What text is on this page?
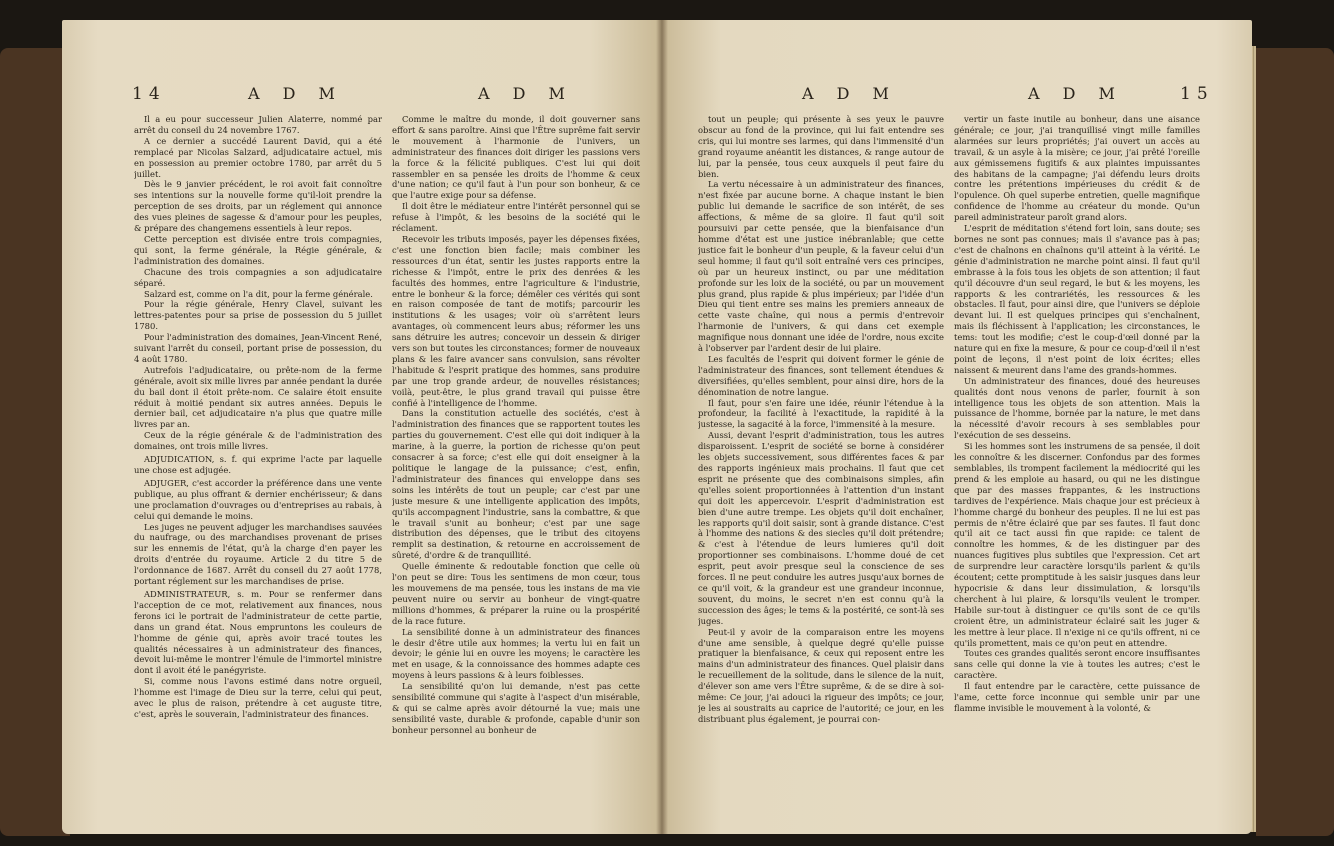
14	A D M	A D M

Il a eu pour successeur Julien Alaterre, nommé par arrêt du conseil du 24 novembre 1767.

A ce dernier a succédé Laurent David, qui a été remplacé par Nicolas Salzard, adjudicataire actuel, mis en possession au premier octobre 1780, par arrêt du 5 juillet.

Dès le 9 janvier précédent, le roi avoit fait connoître ses intentions sur la nouvelle forme qu'il-loit prendre la perception de ses droits, par un réglement qui annonce des vues pleines de sagesse & d'amour pour les peuples, & prépare des changemens essentiels à leur repos.

Cette perception est divisée entre trois compagnies, qui sont, la ferme générale, la Régie générale, & l'administration des domaines.

Chacune des trois compagnies a son adjudicataire séparé.

Salzard est, comme on l'a dit, pour la ferme générale.

Pour la régie générale, Henry Clavel, suivant les lettres-patentes pour sa prise de possession du 5 juillet 1780.

Pour l'administration des domaines, Jean-Vincent René, suivant l'arrêt du conseil, portant prise de possession, du 4 août 1780.

Autrefois l'adjudicataire, ou prête-nom de la ferme générale, avoit six mille livres par année pendant la durée du bail dont il étoit prête-nom. Ce salaire étoit ensuite réduit à moitié pendant six autres années. Depuis le dernier bail, cet adjudicataire n'a plus que quatre mille livres par an.

Ceux de la régie générale & de l'administration des domaines, ont trois mille livres.

ADJUDICATION, s. f. qui exprime l'acte par laquelle une chose est adjugée.

ADJUGER, c'est accorder la préférence dans une vente publique, au plus offrant & dernier enchérisseur; & dans une proclamation d'ouvrages ou d'entreprises au rabais, à celui qui demande le moins.

Les juges ne peuvent adjuger les marchandises sauvées du naufrage, ou des marchandises provenant de prises sur les ennemis de l'état, qu'à la charge d'en payer les droits d'entrée du royaume. Article 2 du titre 5 de l'ordonnance de 1687. Arrêt du conseil du 27 août 1778, portant réglement sur les marchandises de prise.

ADMINISTRATEUR, s. m. Pour se renfermer dans l'acception de ce mot, relativement aux finances, nous ferons ici le portrait de l'administrateur de cette partie, dans un grand état. Nous empruntons les couleurs de l'homme de génie qui, après avoir tracé toutes les qualités nécessaires à un administrateur des finances, devoit lui-même le montrer l'émule de l'immortel ministre dont il avoit été le panégyriste.

Si, comme nous l'avons estimé dans notre orgueil, l'homme est l'image de Dieu sur la terre, celui qui peut, avec le plus de raison, prétendre à cet auguste titre, c'est, après le souverain, l'administrateur des finances.

Comme le maître du monde, il doit gouverner sans effort & sans paroître. Ainsi que l'Être suprême fait servir le mouvement à l'harmonie de l'univers, un administrateur des finances doit diriger les passions vers la force & la félicité publiques. C'est lui qui doit rassembler en sa pensée les droits de l'homme & ceux d'une nation; ce qu'il faut à l'un pour son bonheur, & ce que l'autre exige pour sa défense.

Il doit être le médiateur entre l'intérêt personnel qui se refuse à l'impôt, & les besoins de la société qui le réclament.

Recevoir les tributs imposés, payer les dépenses fixées, c'est une fonction bien facile; mais combiner les ressources d'un état, sentir les justes rapports entre la richesse & l'impôt, entre le prix des denrées & les facultés des hommes, entre l'agriculture & l'industrie, entre le bonheur & la force; démêler ces vérités qui sont en raison composée de tant de motifs; parcourir les institutions & les usages; voir où s'arrêtent leurs avantages, où commencent leurs abus; réformer les uns sans détruire les autres; concevoir un dessein & diriger vers son but toutes les circonstances; former de nouveaux plans & les faire avancer sans convulsion, sans révolter l'habitude & l'esprit pratique des hommes, sans produire par une trop grande ardeur, de nouvelles résistances; voilà, peut-être, le plus grand travail qui puisse être confié à l'intelligence de l'homme.

Dans la constitution actuelle des sociétés, c'est à l'administration des finances que se rapportent toutes les parties du gouvernement. C'est elle qui doit indiquer à la marine, à la guerre, la portion de richesse qu'on peut consacrer à sa force; c'est elle qui doit enseigner à la politique le langage de la puissance; c'est, enfin, l'administrateur des finances qui enveloppe dans ses soins les intérêts de tout un peuple; car c'est par une juste mesure & une intelligente application des impôts, qu'ils accompagnent l'industrie, sans la combattre, & que le travail s'unit au bonheur; c'est par une sage distribution des dépenses, que le tribut des citoyens remplit sa destination, & retourne en accroissement de sûreté, d'ordre & de tranquillité.

Quelle éminente & redoutable fonction que celle où l'on peut se dire: Tous les sentimens de mon cœur, tous les mouvemens de ma pensée, tous les instans de ma vie peuvent nuire ou servir au bonheur de vingt-quatre millions d'hommes, & préparer la ruine ou la prospérité de la race future.

La sensibilité donne à un administrateur des finances le desir d'être utile aux hommes; la vertu lui en fait un devoir; le génie lui en ouvre les moyens; le caractère les met en usage, & la connoissance des hommes adapte ces moyens à leurs passions & à leurs foiblesses.

La sensibilité qu'on lui demande, n'est pas cette sensibilité commune qui s'agite à l'aspect d'un misérable, & qui se calme après avoir détourné la vue; mais une sensibilité vaste, durable & profonde, capable d'unir son bonheur personnel au bonheur de

A D M	A D M	15

tout un peuple; qui présente à ses yeux le pauvre obscur au fond de la province, qui lui fait entendre ses cris, qui lui montre ses larmes, qui dans l'immensité d'un grand royaume anéantit les distances, & range autour de lui, par la pensée, tous ceux auxquels il peut faire du bien.

La vertu nécessaire à un administrateur des finances, n'est fixée par aucune borne. A chaque instant le bien public lui demande le sacrifice de son intérêt, de ses affections, & même de sa gloire. Il faut qu'il soit poursuivi par cette pensée, que la bienfaisance d'un homme d'état est une justice inébranlable; que cette justice fait le bonheur d'un peuple, & la faveur celui d'un seul homme; il faut qu'il soit entraîné vers ces principes, où par un heureux instinct, ou par une méditation profonde sur les loix de la société, ou par un mouvement plus grand, plus rapide & plus impérieux; par l'idée d'un Dieu qui tient entre ses mains les premiers anneaux de cette vaste chaîne, qui nous a permis d'entrevoir l'harmonie de l'univers, & qui dans cet exemple magnifique nous donnant une idée de l'ordre, nous excite à l'observer par l'ardent desir de lui plaire.

Les facultés de l'esprit qui doivent former le génie de l'administrateur des finances, sont tellement étendues & diversifiées, qu'elles semblent, pour ainsi dire, hors de la dénomination de notre langue.

Il faut, pour s'en faire une idée, réunir l'étendue à la profondeur, la facilité à l'exactitude, la rapidité à la justesse, la sagacité à la force, l'immensité à la mesure.

Aussi, devant l'esprit d'administration, tous les autres disparoissent. L'esprit de société se borne à considérer les objets successivement, sous différentes faces & par des rapports ingénieux mais prochains. Il faut que cet esprit ne présente que des combinaisons simples, afin qu'elles soient proportionnées à l'attention d'un instant qui doit les appercevoir. L'esprit d'administration est bien d'une autre trempe. Les objets qu'il doit enchaîner, les rapports qu'il doit saisir, sont à grande distance. C'est à l'homme des nations & des siecles qu'il doit prétendre; & c'est à l'étendue de leurs lumieres qu'il doit proportionner ses combinaisons. L'homme doué de cet esprit, peut avoir presque seul la conscience de ses forces. Il ne peut conduire les autres jusqu'aux bornes de ce qu'il voit, & la grandeur est une grandeur inconnue, souvent, du moins, le secret n'en est connu qu'à la succession des âges; le tems & la postérité, ce sont-là ses juges.

Peut-il y avoir de la comparaison entre les moyens d'une ame sensible, à quelque degré qu'elle puisse pratiquer la bienfaisance, & ceux qui reposent entre les mains d'un administrateur des finances. Quel plaisir dans le recueillement de la solitude, dans le silence de la nuit, d'élever son ame vers l'Être suprême, & de se dire à soi-même: Ce jour, j'ai adouci la rigueur des impôts; ce jour, je les ai soustraits au caprice de l'autorité; ce jour, en les distribuant plus également, je pourrai con-

vertir un faste inutile au bonheur, dans une aisance générale; ce jour, j'ai tranquillisé vingt mille familles alarmées sur leurs propriétés; j'ai ouvert un accès au travail, & un asyle à la misère; ce jour, j'ai prêté l'oreille aux gémissemens fugitifs & aux plaintes impuissantes des habitans de la campagne; j'ai défendu leurs droits contre les prétentions impérieuses du crédit & de l'opulence. Oh quel superbe entretien, quelle magnifique confidence de l'homme au créateur du monde. Qu'un pareil administrateur paroît grand alors.

L'esprit de méditation s'étend fort loin, sans doute; ses bornes ne sont pas connues; mais il s'avance pas à pas; c'est de chaînons en chaînons qu'il atteint à la vérité. Le génie d'administration ne marche point ainsi. Il faut qu'il embrasse à la fois tous les objets de son attention; il faut qu'il découvre d'un seul regard, le but & les moyens, les rapports & les contrariétés, les ressources & les obstacles. Il faut, pour ainsi dire, que l'univers se déploie devant lui. Il est quelques principes qui s'enchaînent, mais ils fléchissent à l'application; les circonstances, le tems: tout les modifie; c'est le coup-d'œil donné par la nature qui en fixe la mesure, & pour ce coup-d'œil il n'est point de leçons, il n'est point de loix écrites; elles naissent & meurent dans l'ame des grands-hommes.

Un administrateur des finances, doué des heureuses qualités dont nous venons de parler, fournit à son intelligence tous les objets de son attention. Mais la puissance de l'homme, bornée par la nature, le met dans la nécessité d'avoir recours à ses semblables pour l'exécution de ses desseins.

Si les hommes sont les instrumens de sa pensée, il doit les connoître & les discerner. Confondus par des formes semblables, ils trompent facilement la médiocrité qui les prend & les emploie au hasard, ou qui ne les distingue que par des masses frappantes, & les instructions tardives de l'expérience. Mais chaque jour est précieux à l'homme chargé du bonheur des peuples. Il ne lui est pas permis de n'être éclairé que par ses fautes. Il faut donc qu'il ait ce tact aussi fin que rapide: ce talent de connoître les hommes, & de les distinguer par des nuances fugitives plus subtiles que l'expression. Cet art de surprendre leur caractère lorsqu'ils parlent & qu'ils écoutent; cette promptitude à les saisir jusques dans leur hypocrisie & dans leur dissimulation, & lorsqu'ils cherchent à lui plaire, & lorsqu'ils veulent le tromper. Habile sur-tout à distinguer ce qu'ils sont de ce qu'ils croient être, un administrateur éclairé sait les juger & les mettre à leur place. Il n'exige ni ce qu'ils offrent, ni ce qu'ils promettent, mais ce qu'on peut en attendre.

Toutes ces grandes qualités seront encore insuffisantes sans celle qui donne la vie à toutes les autres; c'est le caractère.

Il faut entendre par le caractère, cette puissance de l'ame, cette force inconnue qui semble unir par une flamme invisible le mouvement à la volonté, &
